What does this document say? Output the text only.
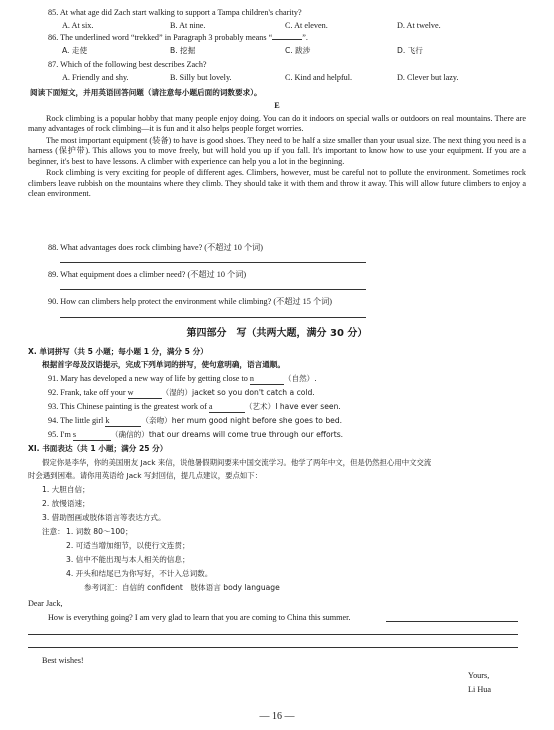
85. At what age did Zach start walking to support a Tampa children's charity?
A. At six.	B. At nine.	C. At eleven.	D. At twelve.
86. The underlined word “trekked” in Paragraph 3 probably means “	”.
A. 走使	B. 挖掘	C. 跋涉	D. 飞行
87. Which of the following best describes Zach?
A. Friendly and shy.	B. Silly but lovely.	C. Kind and helpful.	D. Clever but lazy.
阅读下面短文，并用英语回答问题（请注意每小题后面的词数要求）。
E

Rock climbing is a popular hobby that many people enjoy doing. You can do it indoors on special walls or outdoors on real mountains. There are many advantages of rock climbing—it is fun and it also helps people forget worries.

The most important equipment (装备) to have is good shoes. They need to be half a size smaller than your usual size. The next thing you need is a harness (保护带). This allows you to move freely, but will hold you up if you fall. It's important to know how to use your equipment. If you are a beginner, it's best to have lessons. A climber with experience can help you a lot in the beginning.

Rock climbing is very exciting for people of different ages. Climbers, however, must be careful not to pollute the environment. Sometimes rock climbers leave rubbish on the mountains where they climb. They should take it with them and throw it away. This will allow future climbers to enjoy a clean environment.

88. What advantages does rock climbing have? (不超过 10 个词)
89. What equipment does a climber need? (不超过 10 个词)
90. How can climbers help protect the environment while climbing? (不超过 15 个词)
第四部分　写（共两大题，满分 30 分）
X. 单词拼写（共 5 小题；每小题 1 分，满分 5 分）
根据首字母及汉语提示，完成下列单词的拼写，使句意明确，语言通顺。
91. Mary has developed a new way of life by getting close to n	（自然）.
92. Frank, take off your w	（湿的）jacket so you don't catch a cold.
93. This Chinese painting is the greatest work of a	（艺术）I have ever seen.
94. The little girl k	（亲吻）her mum good night before she goes to bed.
95. I'm s	（确信的）that our dreams will come true through our efforts.
XI. 书面表达（共 1 小题；满分 25 分）
假定你是李华，你的美国朋友 Jack 来信，说他暑假期间要来中国交流学习。他学了两年中文，但是仍然担心用中文交流
时会遇到困难。请你用英语给 Jack 写封回信，提几点建议，要点如下：
1. 大胆自信；
2. 放慢语速；
3. 借助图画或肢体语言等表达方式。
注意： 1. 词数 80～100；
2. 可适当增加细节，以使行文连贯；
3. 信中不能出现与本人相关的信息；
4. 开头和结尾已为你写好，不计入总词数。
参考词汇：自信的 confident　肢体语言 body language
Dear Jack,
How is everything going? I am very glad to learn that you are coming to China this summer.
Best wishes!
Yours,
Li Hua
— 16 —
